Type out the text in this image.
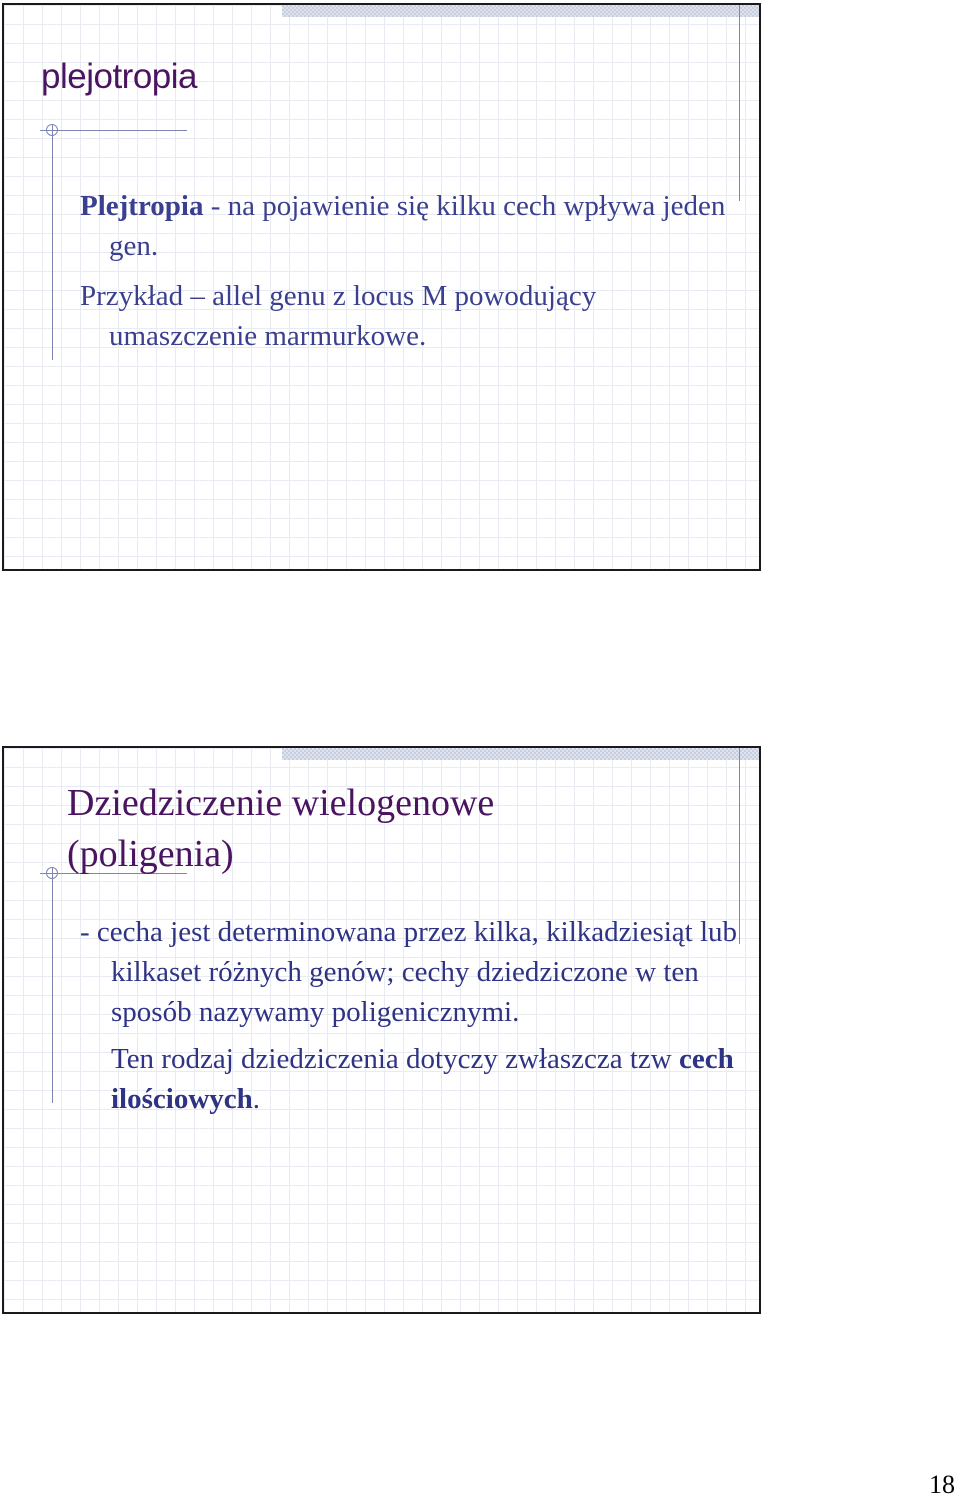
plejotropia
Plejtropia - na pojawienie się kilku cech wpływa jeden gen.
Przykład – allel genu z locus M powodujący umaszczenie marmurkowe.
Dziedziczenie wielogenowe
(poligenia)
- cecha jest determinowana przez kilka, kilkadziesiąt lub kilkaset różnych genów; cechy dziedziczone w ten sposób nazywamy poligenicznymi.
Ten rodzaj dziedziczenia dotyczy zwłaszcza tzw cech ilościowych.
18
